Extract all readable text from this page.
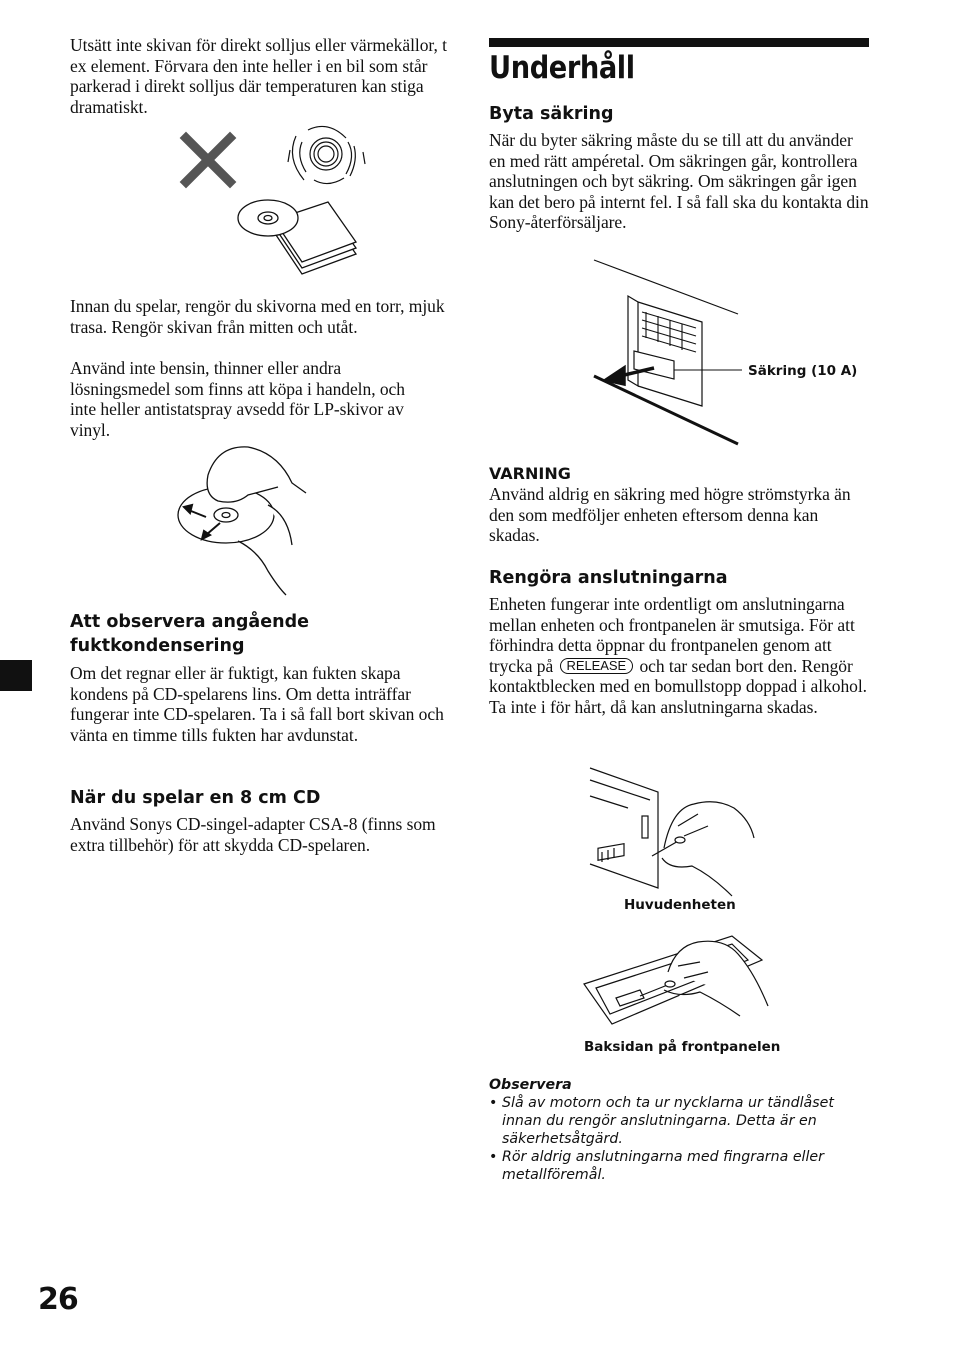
Utsätt inte skivan för direkt solljus eller värmekällor, t ex element. Förvara den inte heller i en bil som står parkerad i direkt solljus där temperaturen kan stiga dramatiskt.

Innan du spelar, rengör du skivorna med en torr, mjuk trasa. Rengör skivan från mitten och utåt.

Använd inte bensin, thinner eller andra lösningsmedel som finns att köpa i handeln, och inte heller antistatspray avsedd för LP-skivor av vinyl.

Att observera angående fuktkondensering

Om det regnar eller är fuktigt, kan fukten skapa kondens på CD-spelarens lins. Om detta inträffar fungerar inte CD-spelaren. Ta i så fall bort skivan och vänta en timme tills fukten har avdunstat.

När du spelar en 8 cm CD

Använd Sonys CD-singel-adapter CSA-8 (finns som extra tillbehör) för att skydda CD-spelaren.

Underhåll
Byta säkring

När du byter säkring måste du se till att du använder en med rätt ampéretal. Om säkringen går, kontrollera anslutningen och byt säkring. Om säkringen går igen kan det bero på internt fel. I så fall ska du kontakta din Sony-återförsäljare.

Säkring (10 A)
VARNING

Använd aldrig en säkring med högre strömstyrka än den som medföljer enheten eftersom denna kan skadas.

Rengöra anslutningarna

Enheten fungerar inte ordentligt om anslutningarna mellan enheten och frontpanelen är smutsiga. För att förhindra detta öppnar du frontpanelen genom att trycka på RELEASE och tar sedan bort den. Rengör kontaktblecken med en bomullstopp doppad i alkohol. Ta inte i för hårt, då kan anslutningarna skadas.

Huvudenheten
Baksidan på frontpanelen
Observera
• Slå av motorn och ta ur nycklarna ur tändlåset innan du rengör anslutningarna. Detta är en säkerhetsåtgärd.
• Rör aldrig anslutningarna med fingrarna eller metallföremål.
26
